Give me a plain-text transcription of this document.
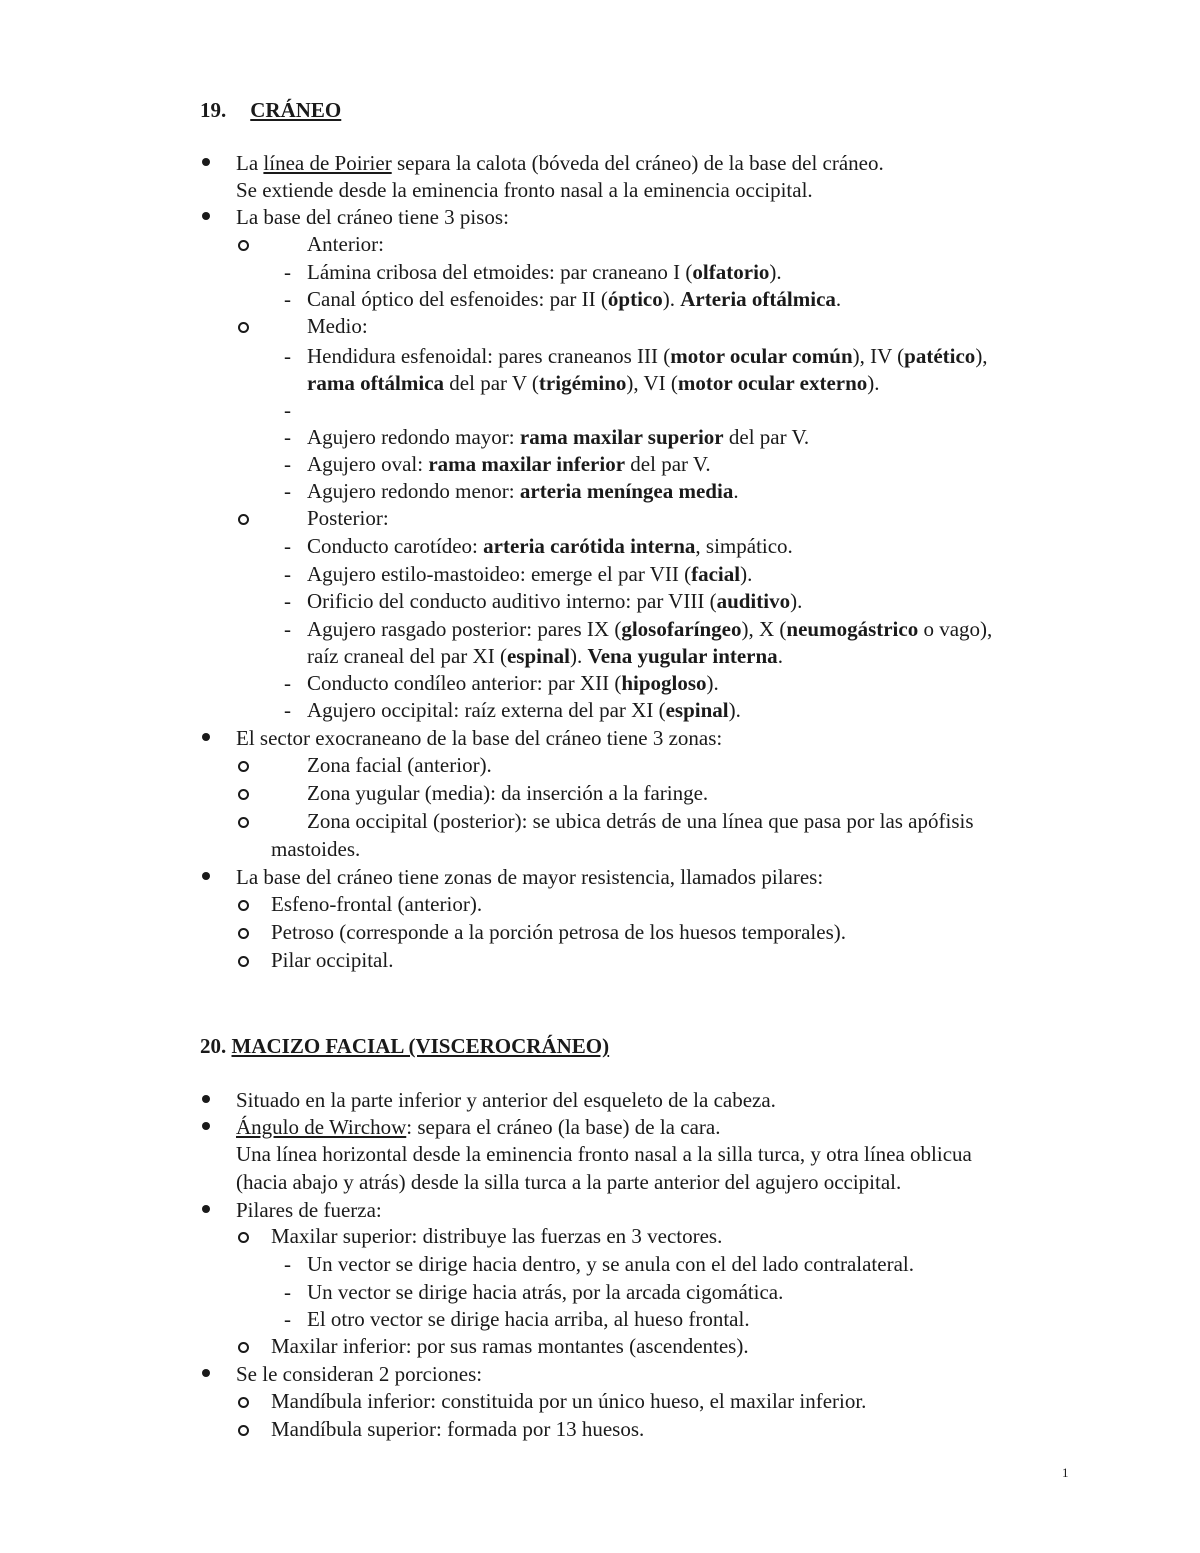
19. CRÁNEO
La línea de Poirier separa la calota (bóveda del cráneo) de la base del cráneo.
Se extiende desde la eminencia fronto nasal a la eminencia occipital.
La base del cráneo tiene 3 pisos:
Anterior:
- Lámina cribosa del etmoides: par craneano I (olfatorio).
- Canal óptico del esfenoides: par II (óptico). Arteria oftálmica.
Medio:
- Hendidura esfenoidal: pares craneanos III (motor ocular común), IV (patético),
rama oftálmica del par V (trigémino), VI (motor ocular externo).
-
- Agujero redondo mayor: rama maxilar superior del par V.
- Agujero oval: rama maxilar inferior del par V.
- Agujero redondo menor: arteria meníngea media.
Posterior:
- Conducto carotídeo: arteria carótida interna, simpático.
- Agujero estilo-mastoideo: emerge el par VII (facial).
- Orificio del conducto auditivo interno: par VIII (auditivo).
- Agujero rasgado posterior: pares IX (glosofaríngeo), X (neumogástrico o vago),
raíz craneal del par XI (espinal). Vena yugular interna.
- Conducto condíleo anterior: par XII (hipogloso).
- Agujero occipital: raíz externa del par XI (espinal).
El sector exocraneano de la base del cráneo tiene 3 zonas:
Zona facial (anterior).
Zona yugular (media): da inserción a la faringe.
Zona occipital (posterior): se ubica detrás de una línea que pasa por las apófisis
mastoides.
La base del cráneo tiene zonas de mayor resistencia, llamados pilares:
Esfeno-frontal (anterior).
Petroso (corresponde a la porción petrosa de los huesos temporales).
Pilar occipital.
20. MACIZO FACIAL (VISCEROCRÁNEO)
Situado en la parte inferior y anterior del esqueleto de la cabeza.
Ángulo de Wirchow: separa el cráneo (la base) de la cara.
Una línea horizontal desde la eminencia fronto nasal a la silla turca, y otra línea oblicua
(hacia abajo y atrás) desde la silla turca a la parte anterior del agujero occipital.
Pilares de fuerza:
Maxilar superior: distribuye las fuerzas en 3 vectores.
- Un vector se dirige hacia dentro, y se anula con el del lado contralateral.
- Un vector se dirige hacia atrás, por la arcada cigomática.
- El otro vector se dirige hacia arriba, al hueso frontal.
Maxilar inferior: por sus ramas montantes (ascendentes).
Se le consideran 2 porciones:
Mandíbula inferior: constituida por un único hueso, el maxilar inferior.
Mandíbula superior: formada por 13 huesos.
1
